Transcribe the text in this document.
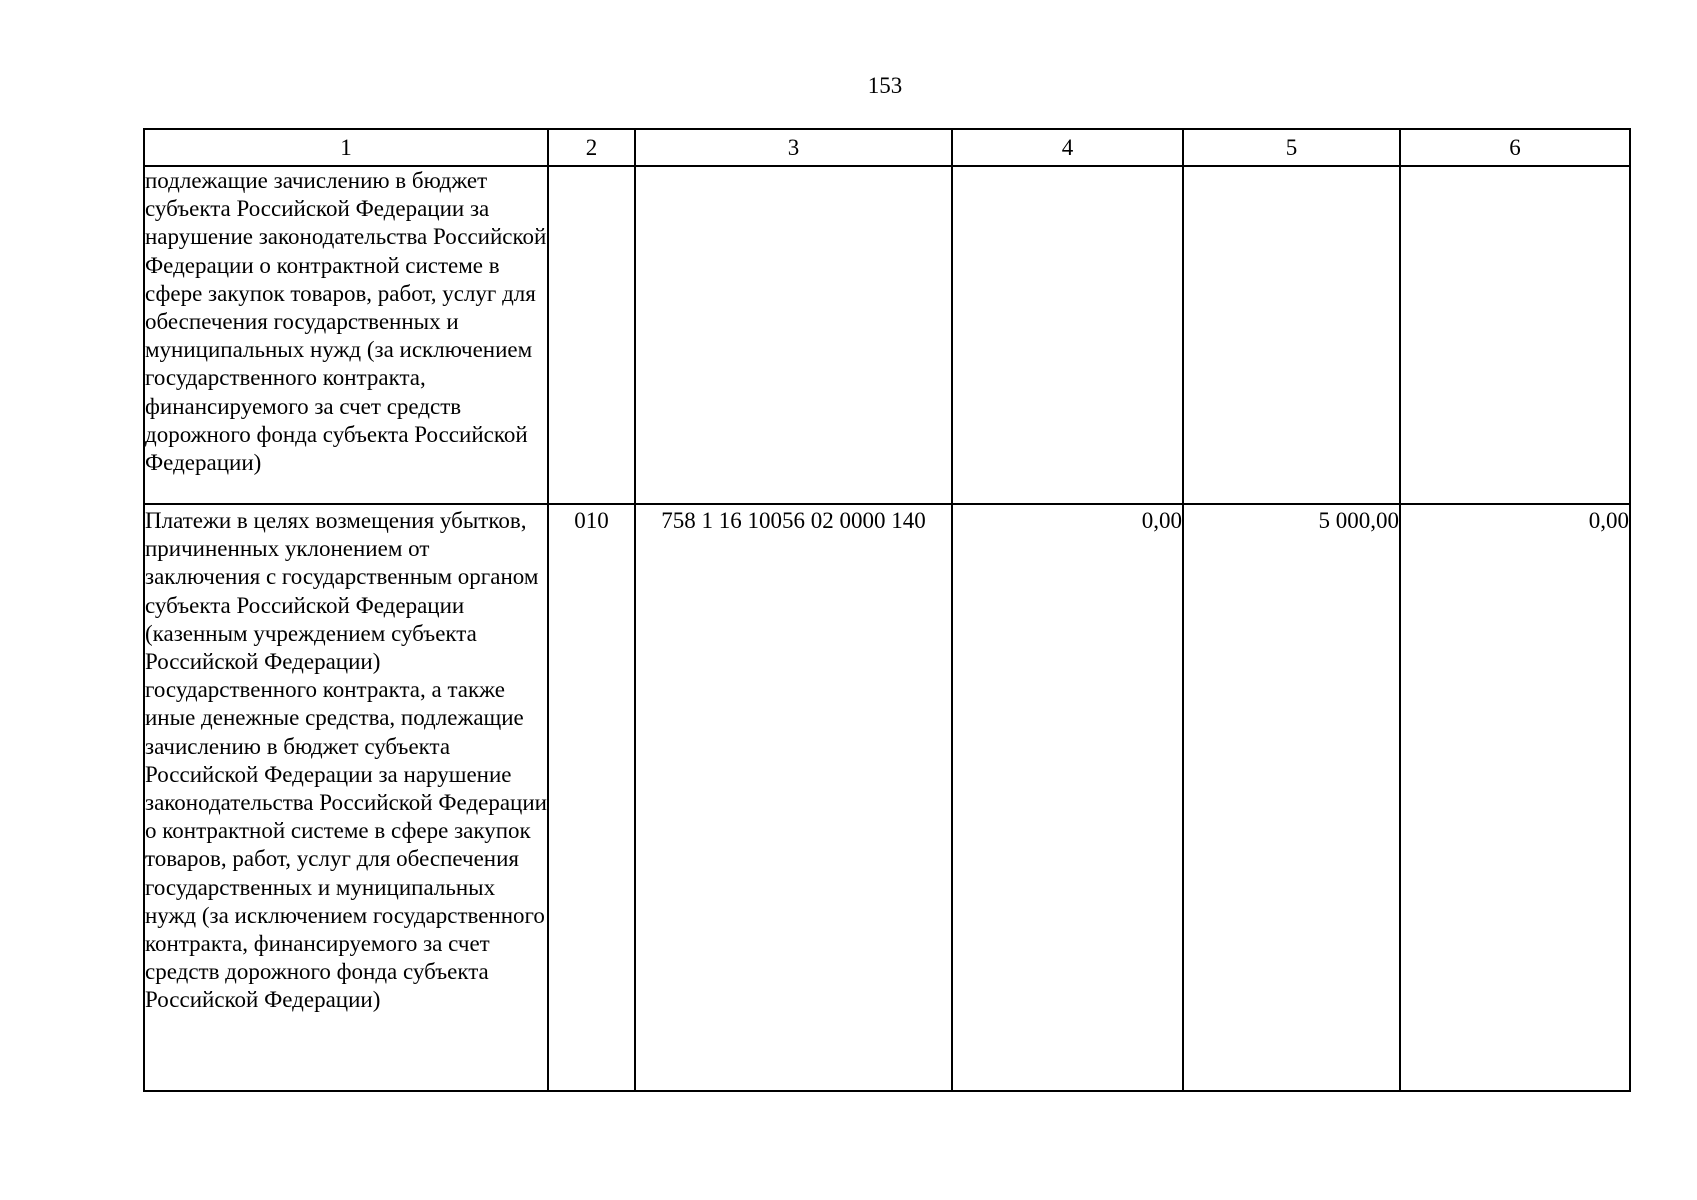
153
1	2	3	4	5	6

подлежащие зачислению в бюджет субъекта Российской Федерации за нарушение законодательства Российской Федерации о контрактной системе в сфере закупок товаров, работ, услуг для обеспечения государственных и муниципальных нужд (за исключением государственного контракта, финансируемого за счет средств дорожного фонда субъекта Российской Федерации)					

Платежи в целях возмещения убытков, причиненных уклонением от заключения с государственным органом субъекта Российской Федерации (казенным учреждением субъекта Российской Федерации) государственного контракта, а также иные денежные средства, подлежащие зачислению в бюджет субъекта Российской Федерации за нарушение законодательства Российской Федерации о контрактной системе в сфере закупок товаров, работ, услуг для обеспечения государственных и муниципальных нужд (за исключением государственного контракта, финансируемого за счет средств дорожного фонда субъекта Российской Федерации)	010	758 1 16 10056 02 0000 140	0,00	5 000,00	0,00
